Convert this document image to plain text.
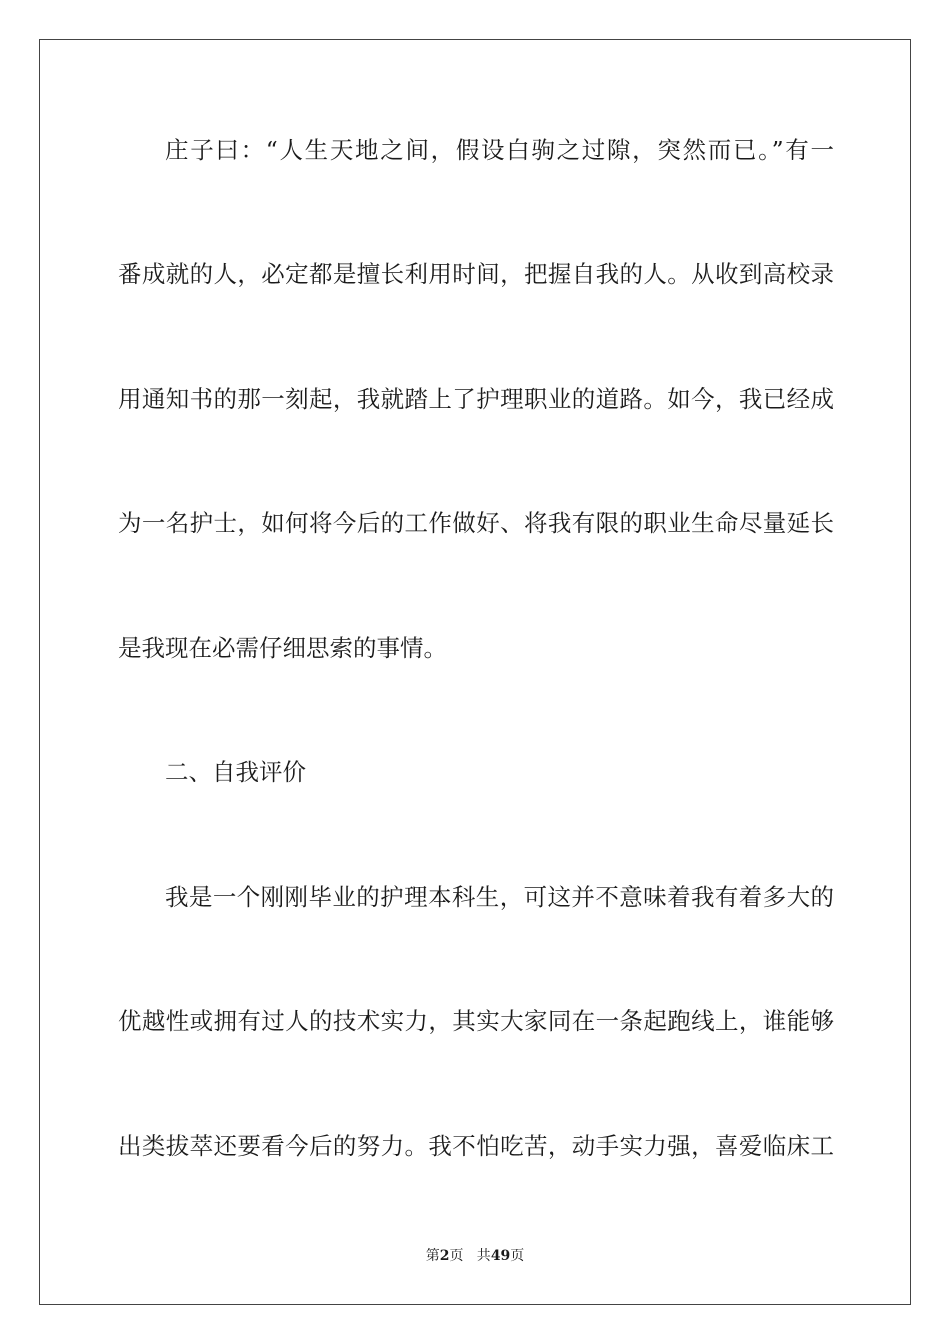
庄子曰：“人生天地之间，假设白驹之过隙，突然而已。”有一
番成就的人，必定都是擅长利用时间，把握自我的人。从收到高校录
用通知书的那一刻起，我就踏上了护理职业的道路。如今，我已经成
为一名护士，如何将今后的工作做好、将我有限的职业生命尽量延长
是我现在必需仔细思索的事情。
二、自我评价
我是一个刚刚毕业的护理本科生，可这并不意味着我有着多大的
优越性或拥有过人的技术实力，其实大家同在一条起跑线上，谁能够
出类拔萃还要看今后的努力。我不怕吃苦，动手实力强，喜爱临床工
第2页   共49页
